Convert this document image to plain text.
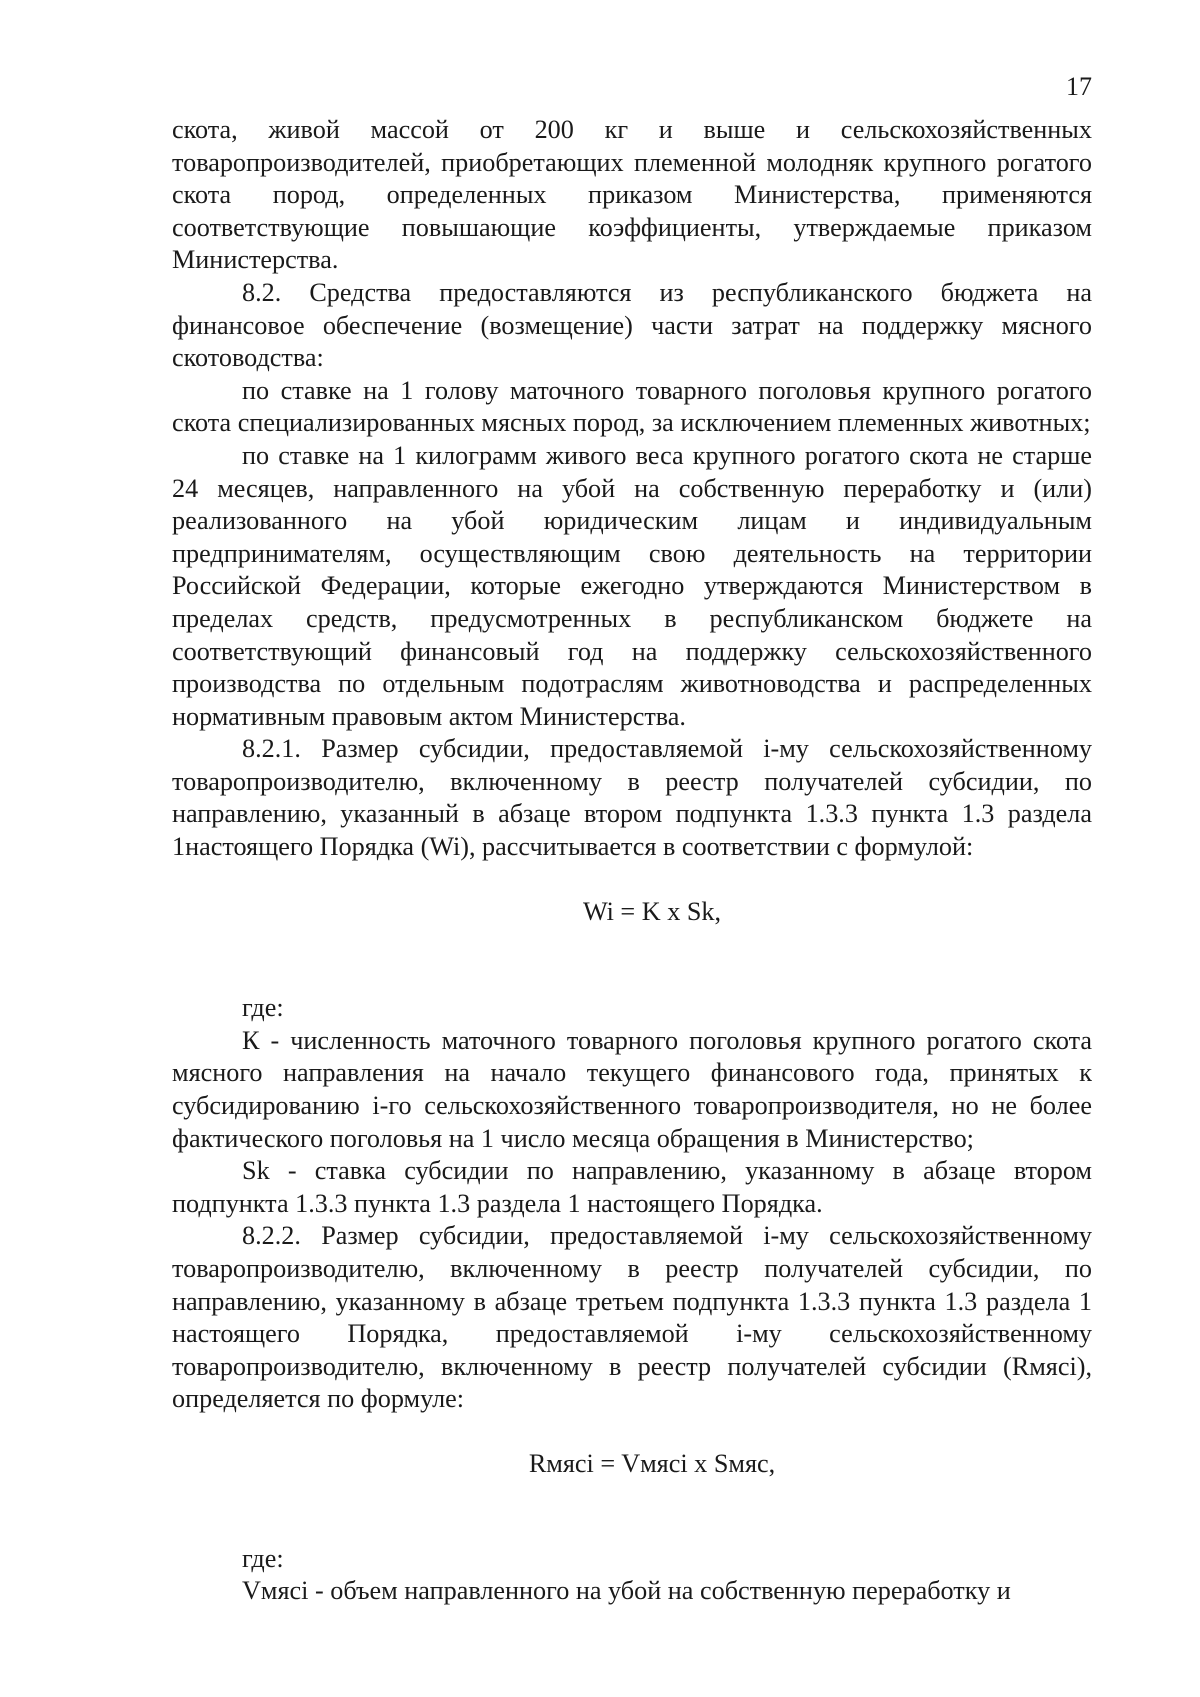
17

скота, живой массой от 200 кг и выше и сельскохозяйственных товаропроизводителей, приобретающих племенной молодняк крупного рогатого скота пород, определенных приказом Министерства, применяются соответствующие повышающие коэффициенты, утверждаемые приказом Министерства.

8.2. Средства предоставляются из республиканского бюджета на финансовое обеспечение (возмещение) части затрат на поддержку мясного скотоводства:

по ставке на 1 голову маточного товарного поголовья крупного рогатого скота специализированных мясных пород, за исключением племенных животных;

по ставке на 1 килограмм живого веса крупного рогатого скота не старше 24 месяцев, направленного на убой на собственную переработку и (или) реализованного на убой юридическим лицам и индивидуальным предпринимателям, осуществляющим свою деятельность на территории Российской Федерации, которые ежегодно утверждаются Министерством в пределах средств, предусмотренных в республиканском бюджете на соответствующий финансовый год на поддержку сельскохозяйственного производства по отдельным подотраслям животноводства и распределенных нормативным правовым актом Министерства.

8.2.1. Размер субсидии, предоставляемой i-му сельскохозяйственному товаропроизводителю, включенному в реестр получателей субсидии, по направлению, указанный в абзаце втором подпункта 1.3.3 пункта 1.3 раздела 1настоящего Порядка (Wi), рассчитывается в соответствии с формулой:

Wi = K x Sk,

где:

К - численность маточного товарного поголовья крупного рогатого скота мясного направления на начало текущего финансового года, принятых к субсидированию i-го сельскохозяйственного товаропроизводителя, но не более фактического поголовья на 1 число месяца обращения в Министерство;

Sk - ставка субсидии по направлению, указанному в абзаце втором подпункта 1.3.3 пункта 1.3 раздела 1 настоящего Порядка.

8.2.2. Размер субсидии, предоставляемой i-му сельскохозяйственному товаропроизводителю, включенному в реестр получателей субсидии, по направлению, указанному в абзаце третьем подпункта 1.3.3 пункта 1.3 раздела 1 настоящего Порядка, предоставляемой i-му сельскохозяйственному товаропроизводителю, включенному в реестр получателей субсидии (Rмясi), определяется по формуле:

Rмясi = Vмясi x Sмяс,

где:

Vмясi - объем направленного на убой на собственную переработку и
